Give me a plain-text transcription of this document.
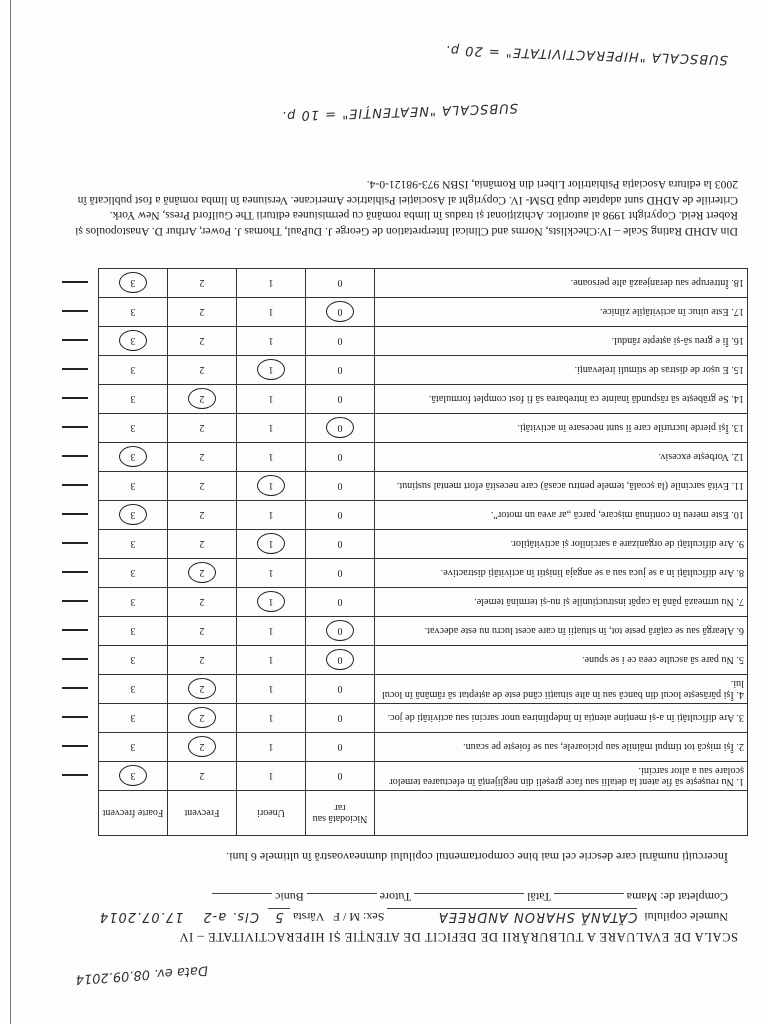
Data ev. 08.09.2014
SCALA DE EVALUARE A TULBURĂRII DE DEFICIT DE ATENȚIE ȘI HIPERACTIVITATE – IV
Numele copilului CĂTANĂ SHARON ANDREEA Sex: M / F Vârsta 5 Cls. a-2 17.07.2014
Completat de: Mama  Tatăl  Tutore  Bunic
Încercuiți numărul care descrie cel mai bine comportamentul copilului dumneavoastră în ultimele 6 luni.
	Niciodată sau rar	Uneori	Frecvent	Foarte frecvent
1. Nu reușește să fie atent la detalii sau face greșeli din neglijență în efectuarea temelor școlare sau a altor sarcini.	0	1	2	3
2. Își mișcă tot timpul mâinile sau picioarele, sau se foiește pe scaun.	0	1	2	3
3. Are dificultăți în a-și menține atenția în îndeplinirea unor sarcini sau activități de joc.	0	1	2	3
4. Își părăsește locul din bancă sau în alte situații când este de așteptat să rămână în locul lui.	0	1	2	3
5. Nu pare să asculte ceea ce i se spune.	0	1	2	3
6. Aleargă sau se cațără peste tot, în situații în care acest lucru nu este adecvat.	0	1	2	3
7. Nu urmează până la capăt instrucțiunile și nu-și termină temele.	0	1	2	3
8. Are dificultăți în a se juca sau a se angaja liniștit în activități distractive.	0	1	2	3
9. Are dificultăți de organizare a sarcinilor și activităților.	0	1	2	3
10. Este mereu în continuă mișcare, parcă „ar avea un motor”.	0	1	2	3
11. Evită sarcinile (la școală, temele pentru acasă) care necesită efort mental susținut.	0	1	2	3
12. Vorbește excesiv.	0	1	2	3
13. Își pierde lucrurile care îi sunt necesare în activități.	0	1	2	3
14. Se grăbește să răspundă înainte ca întrebarea să fi fost complet formulată.	0	1	2	3
15. E ușor de distras de stimuli irelevanți.	0	1	2	3
16. Îi e greu să-și aștepte rândul.	0	1	2	3
17. Este uituc în activitățile zilnice.	0	1	2	3
18. Întrerupe sau deranjează alte persoane.	0	1	2	3

Din ADHD Rating Scale – IV:Checklists, Norms and Clinical Interpretation de George J. DuPaul, Thomas J. Power, Arthur D. Anastopoulos și Robert Reid. Copyright 1998 al autorilor. Achiziționat și tradus în limba română cu permisiunea editurii The Guilford Press, New York.

Criteriile de ADHD sunt adaptate după DSM- IV. Copyright al Asociației Psihiatrice Americane. Versiunea în limba română a fost publicată în 2003 la editura Asociația Psihiatrilor Liberi din România, ISBN 973-98121-0-4.

SUBSCALA "NEATENȚIE" = 10 p.
SUBSCALA "HIPERACTIVITATE" = 20 p.
